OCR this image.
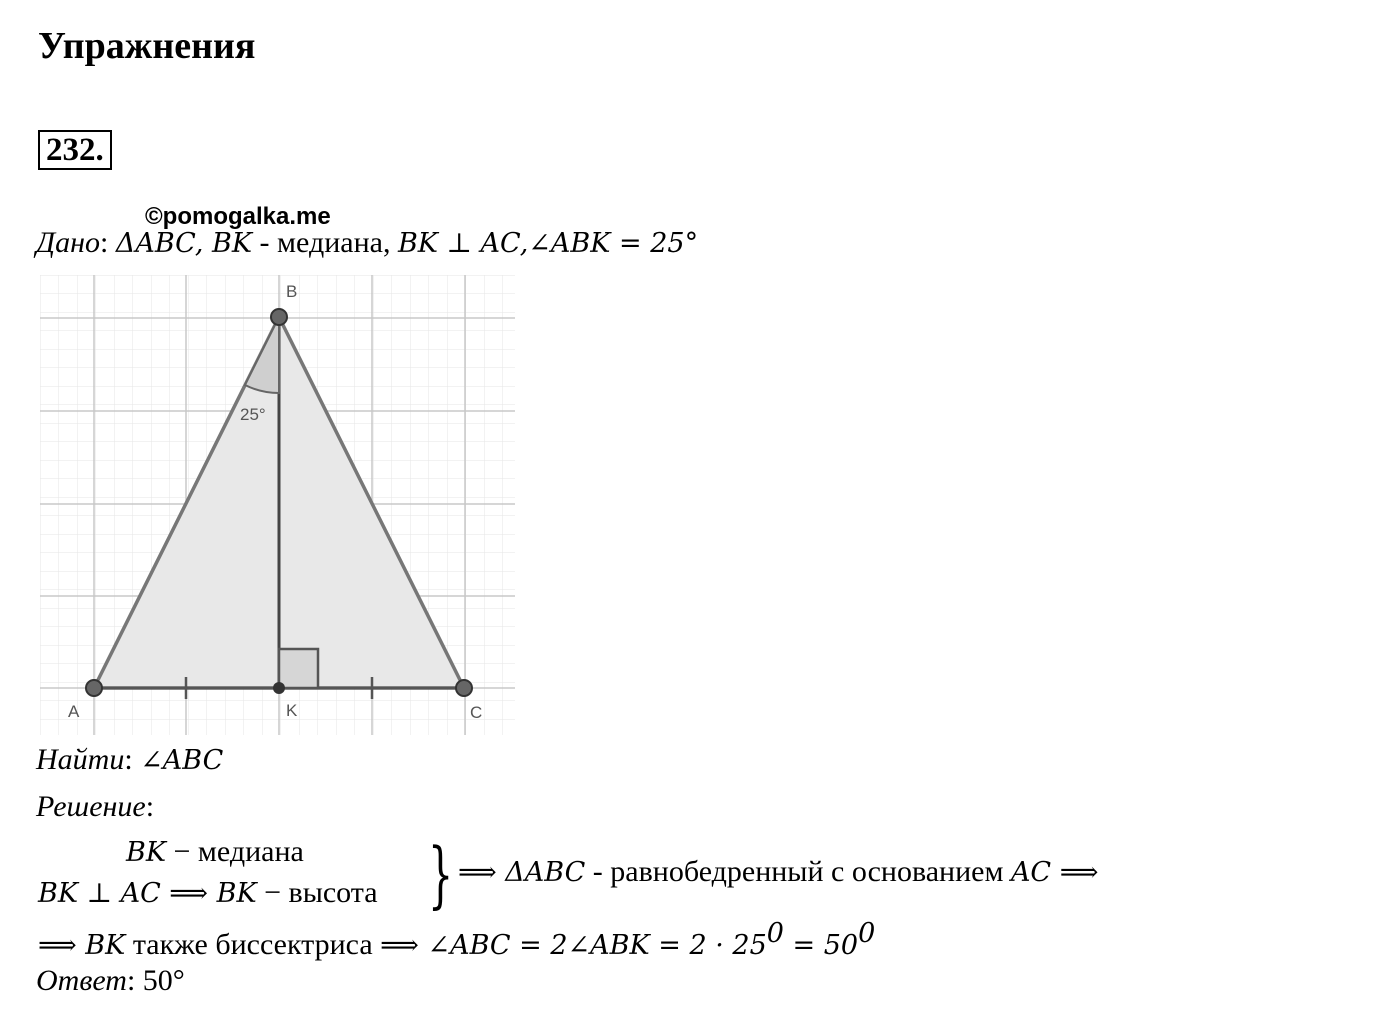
Упражнения
232.
©pomogalka.me
Дано: ΔABC, BK - медиана, BK ⊥ AC,∠ABK = 25°
A
B
C
K
25°
Найти: ∠ABC
Решение:
BK − медиана
BK ⊥ AC ⟹ BK − высота } ⟹ ΔABC - равнобедренный с основанием AC ⟹
⟹ BK также биссектриса ⟹ ∠ABC = 2∠ABK = $2 \cdot 25^0 = 50^0$
Ответ: 50°
